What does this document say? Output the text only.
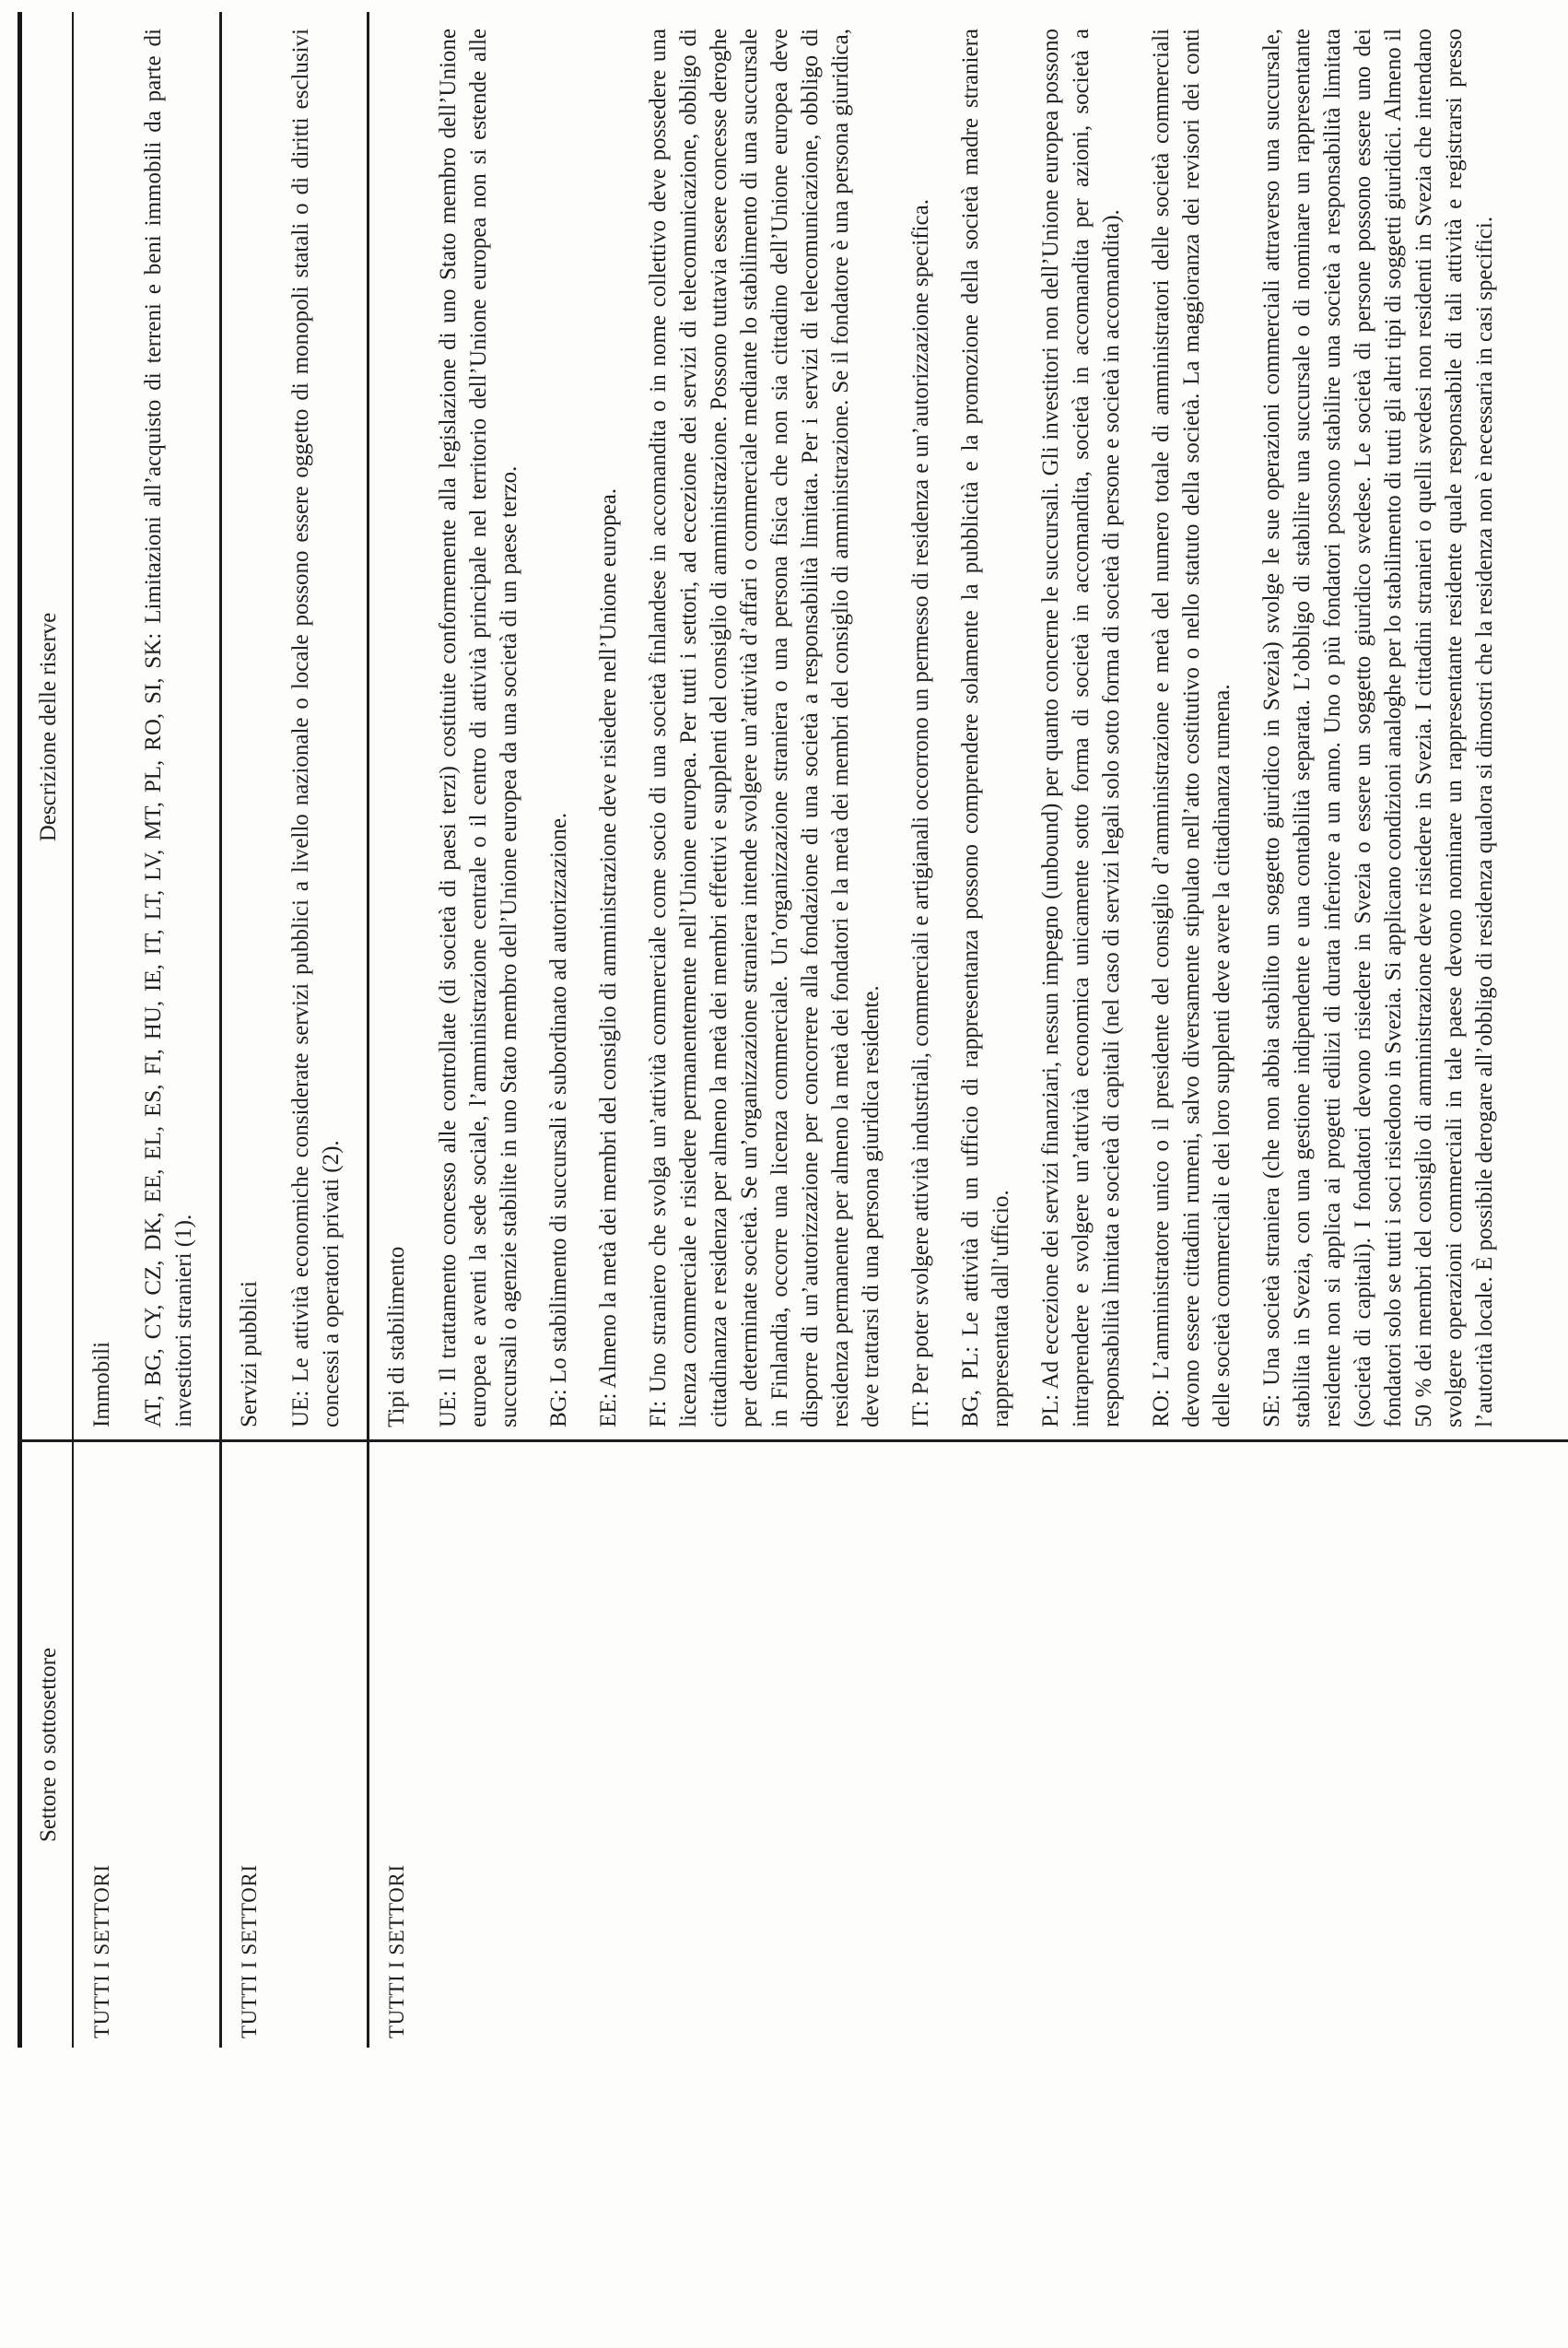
Settore o sottosettore
Descrizione delle riserve
TUTTI I SETTORI

Immobili AT, BG, CY, CZ, DK, EE, EL, ES, FI, HU, IE, IT, LT, LV, MT, PL, RO, SI, SK: Limitazioni all’acquisto di terreni e beni immobili da parte di investitori stranieri (1).

TUTTI I SETTORI

Servizi pubblici UE: Le attività economiche considerate servizi pubblici a livello nazionale o locale possono essere oggetto di monopoli statali o di diritti esclusivi concessi a operatori privati (2).

TUTTI I SETTORI

Tipi di stabilimento UE: Il trattamento concesso alle controllate (di società di paesi terzi) costituite conformemente alla legislazione di uno Stato membro dell’Unione europea e aventi la sede sociale, l’amministrazione centrale o il centro di attività principale nel territorio dell’Unione europea non si estende alle succursali o agenzie stabilite in uno Stato membro dell’Unione europea da una società di un paese terzo. BG: Lo stabilimento di succursali è subordinato ad autorizzazione. EE: Almeno la metà dei membri del consiglio di amministrazione deve risiedere nell’Unione europea. FI: Uno straniero che svolga un’attività commerciale come socio di una società finlandese in accomandita o in nome collettivo deve possedere una licenza commerciale e risiedere permanentemente nell’Unione europea. Per tutti i settori, ad eccezione dei servizi di telecomunicazione, obbligo di cittadinanza e residenza per almeno la metà dei membri effettivi e supplenti del consiglio di amministrazione. Possono tuttavia essere concesse deroghe per determinate società. Se un’organizzazione straniera intende svolgere un’attività d’affari o commerciale mediante lo stabilimento di una succursale in Finlandia, occorre una licenza commerciale. Un’organizzazione straniera o una persona fisica che non sia cittadino dell’Unione europea deve disporre di un’autorizzazione per concorrere alla fondazione di una società a responsabilità limitata. Per i servizi di telecomunicazione, obbligo di residenza permanente per almeno la metà dei fondatori e la metà dei membri del consiglio di amministrazione. Se il fondatore è una persona giuridica, deve trattarsi di una persona giuridica residente. IT: Per poter svolgere attività industriali, commerciali e artigianali occorrono un permesso di residenza e un’autorizzazione specifica. BG, PL: Le attività di un ufficio di rappresentanza possono comprendere solamente la pubblicità e la promozione della società madre straniera rappresentata dall’ufficio. PL: Ad eccezione dei servizi finanziari, nessun impegno (unbound) per quanto concerne le succursali. Gli investitori non dell’Unione europea possono intraprendere e svolgere un’attività economica unicamente sotto forma di società in accomandita, società in accomandita per azioni, società a responsabilità limitata e società di capitali (nel caso di servizi legali solo sotto forma di società di persone e società in accomandita). RO: L’amministratore unico o il presidente del consiglio d’amministrazione e metà del numero totale di amministratori delle società commerciali devono essere cittadini rumeni, salvo diversamente stipulato nell’atto costitutivo o nello statuto della società. La maggioranza dei revisori dei conti delle società commerciali e dei loro supplenti deve avere la cittadinanza rumena. SE: Una società straniera (che non abbia stabilito un soggetto giuridico in Svezia) svolge le sue operazioni commerciali attraverso una succursale, stabilita in Svezia, con una gestione indipendente e una contabilità separata. L’obbligo di stabilire una succursale o di nominare un rappresentante residente non si applica ai progetti edilizi di durata inferiore a un anno. Uno o più fondatori possono stabilire una società a responsabilità limitata (società di capitali). I fondatori devono risiedere in Svezia o essere un soggetto giuridico svedese. Le società di persone possono essere uno dei fondatori solo se tutti i soci risiedono in Svezia. Si applicano condizioni analoghe per lo stabilimento di tutti gli altri tipi di soggetti giuridici. Almeno il 50 % dei membri del consiglio di amministrazione deve risiedere in Svezia. I cittadini stranieri o quelli svedesi non residenti in Svezia che intendano svolgere operazioni commerciali in tale paese devono nominare un rappresentante residente quale responsabile di tali attività e registrarsi presso l’autorità locale. È possibile derogare all’obbligo di residenza qualora si dimostri che la residenza non è necessaria in casi specifici.
